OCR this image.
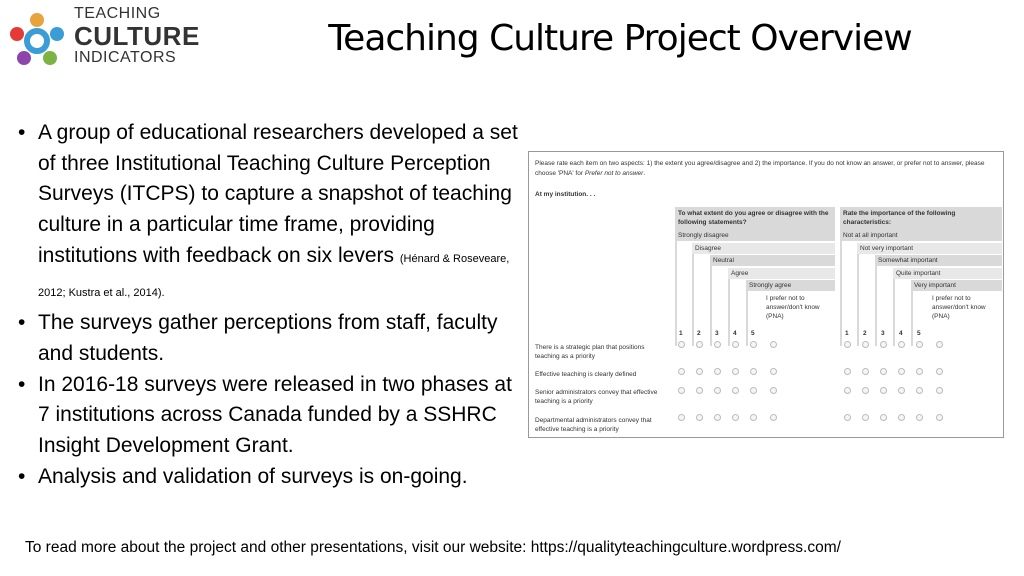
TEACHING
CULTURE
INDICATORS	Teaching Culture Project Overview
• A group of educational researchers developed a set of three Institutional Teaching Culture Perception Surveys (ITCPS) to capture a snapshot of teaching culture in a particular time frame, providing institutions with feedback on six levers (Hénard & Roseveare, 2012; Kustra et al., 2014).
• The surveys gather perceptions from staff, faculty and students.
• In 2016-18 surveys were released in two phases at 7 institutions across Canada funded by a SSHRC Insight Development Grant.
• Analysis and validation of surveys is on-going.
Please rate each item on two aspects: 1) the extent you agree/disagree and 2) the importance. If you do not know an answer, or prefer not to answer, please choose 'PNA' for Prefer not to answer.
At my institution. . .
To what extent do you agree or disagree with the following statements?
Strongly disagree
Disagree
Neutral
Agree
Strongly agree
I prefer not to answer/don't know (PNA)
Rate the importance of the following characteristics:
Not at all important
Not very important
Somewhat important
Quite important
Very important
I prefer not to answer/don't know (PNA)
1 2 3 4 5	1 2 3 4 5
There is a strategic plan that positions teaching as a priority
Effective teaching is clearly defined
Senior administrators convey that effective teaching is a priority
Departmental administrators convey that effective teaching is a priority
To read more about the project and other presentations, visit our website: https://qualityteachingculture.wordpress.com/
